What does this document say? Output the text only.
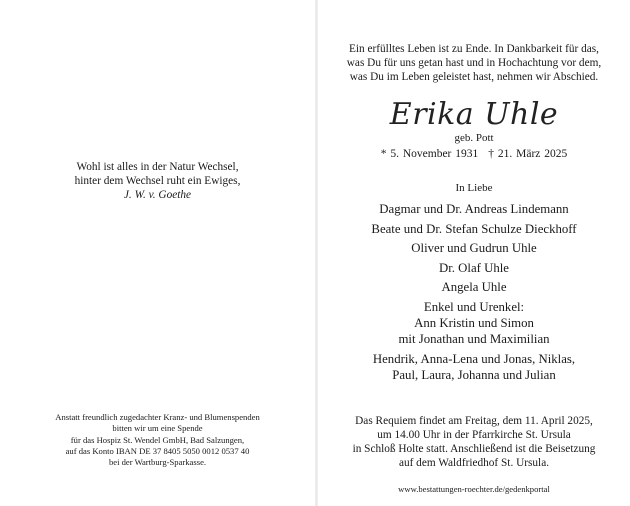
Wohl ist alles in der Natur Wechsel,
hinter dem Wechsel ruht ein Ewiges,
J. W. v. Goethe
Anstatt freundlich zugedachter Kranz- und Blumenspenden
bitten wir um eine Spende
für das Hospiz St. Wendel GmbH, Bad Salzungen,
auf das Konto IBAN DE 37 8405 5050 0012 0537 40
bei der Wartburg-Sparkasse.
Ein erfülltes Leben ist zu Ende. In Dankbarkeit für das,
was Du für uns getan hast und in Hochachtung vor dem,
was Du im Leben geleistet hast, nehmen wir Abschied.
Erika Uhle
geb. Pott
* 5. November 1931 † 21. März 2025
In Liebe
Dagmar und Dr. Andreas Lindemann
Beate und Dr. Stefan Schulze Dieckhoff
Oliver und Gudrun Uhle
Dr. Olaf Uhle
Angela Uhle
Enkel und Urenkel:
Ann Kristin und Simon
mit Jonathan und Maximilian
Hendrik, Anna-Lena und Jonas, Niklas,
Paul, Laura, Johanna und Julian
Das Requiem findet am Freitag, dem 11. April 2025,
um 14.00 Uhr in der Pfarrkirche St. Ursula
in Schloß Holte statt. Anschließend ist die Beisetzung
auf dem Waldfriedhof St. Ursula.
www.bestattungen-roechter.de/gedenkportal
